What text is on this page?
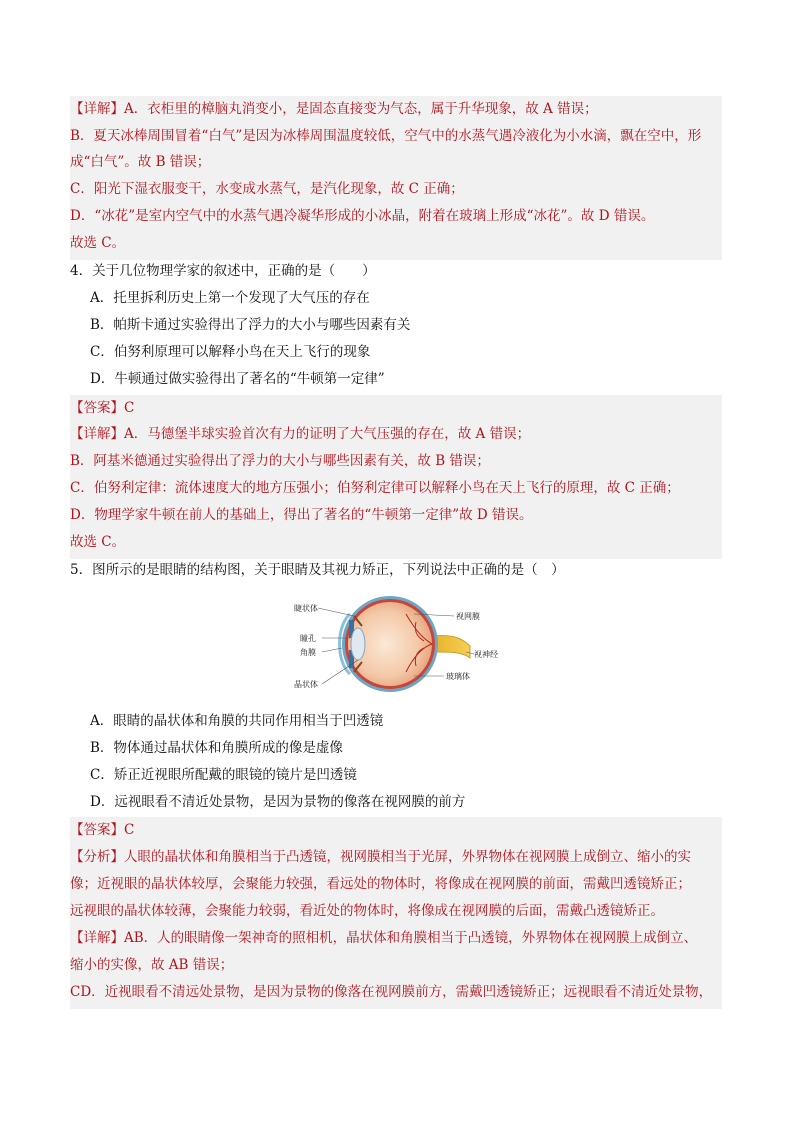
【详解】A．衣柜里的樟脑丸消变小，是固态直接变为气态，属于升华现象，故 A 错误；
B．夏天冰棒周围冒着“白气”是因为冰棒周围温度较低，空气中的水蒸气遇冷液化为小水滴，飘在空中，形
成“白气”。故 B 错误；
C．阳光下湿衣服变干，水变成水蒸气，是汽化现象，故 C 正确；
D．“冰花”是室内空气中的水蒸气遇冷凝华形成的小冰晶，附着在玻璃上形成“冰花”。故 D 错误。
故选 C。
4．关于几位物理学家的叙述中，正确的是（　　）
A．托里拆利历史上第一个发现了大气压的存在
B．帕斯卡通过实验得出了浮力的大小与哪些因素有关
C．伯努利原理可以解释小鸟在天上飞行的现象
D．牛顿通过做实验得出了著名的“牛顿第一定律”
【答案】C
【详解】A．马德堡半球实验首次有力的证明了大气压强的存在，故 A 错误；
B．阿基米德通过实验得出了浮力的大小与哪些因素有关，故 B 错误；
C．伯努利定律：流体速度大的地方压强小；伯努利定律可以解释小鸟在天上飞行的原理，故 C 正确；
D．物理学家牛顿在前人的基础上，得出了著名的“牛顿第一定律”故 D 错误。
故选 C。
5．图所示的是眼睛的结构图，关于眼睛及其视力矫正，下列说法中正确的是（　）
睫状体
瞳孔
角膜
晶状体
视网膜
视神经
玻璃体
A．眼睛的晶状体和角膜的共同作用相当于凹透镜
B．物体通过晶状体和角膜所成的像是虚像
C．矫正近视眼所配戴的眼镜的镜片是凹透镜
D．远视眼看不清近处景物，是因为景物的像落在视网膜的前方
【答案】C
【分析】人眼的晶状体和角膜相当于凸透镜，视网膜相当于光屏，外界物体在视网膜上成倒立、缩小的实
像；近视眼的晶状体较厚，会聚能力较强，看远处的物体时，将像成在视网膜的前面，需戴凹透镜矫正；
远视眼的晶状体较薄，会聚能力较弱，看近处的物体时，将像成在视网膜的后面，需戴凸透镜矫正。
【详解】AB．人的眼睛像一架神奇的照相机，晶状体和角膜相当于凸透镜，外界物体在视网膜上成倒立、
缩小的实像，故 AB 错误；
CD．近视眼看不清远处景物，是因为景物的像落在视网膜前方，需戴凹透镜矫正；远视眼看不清近处景物，
